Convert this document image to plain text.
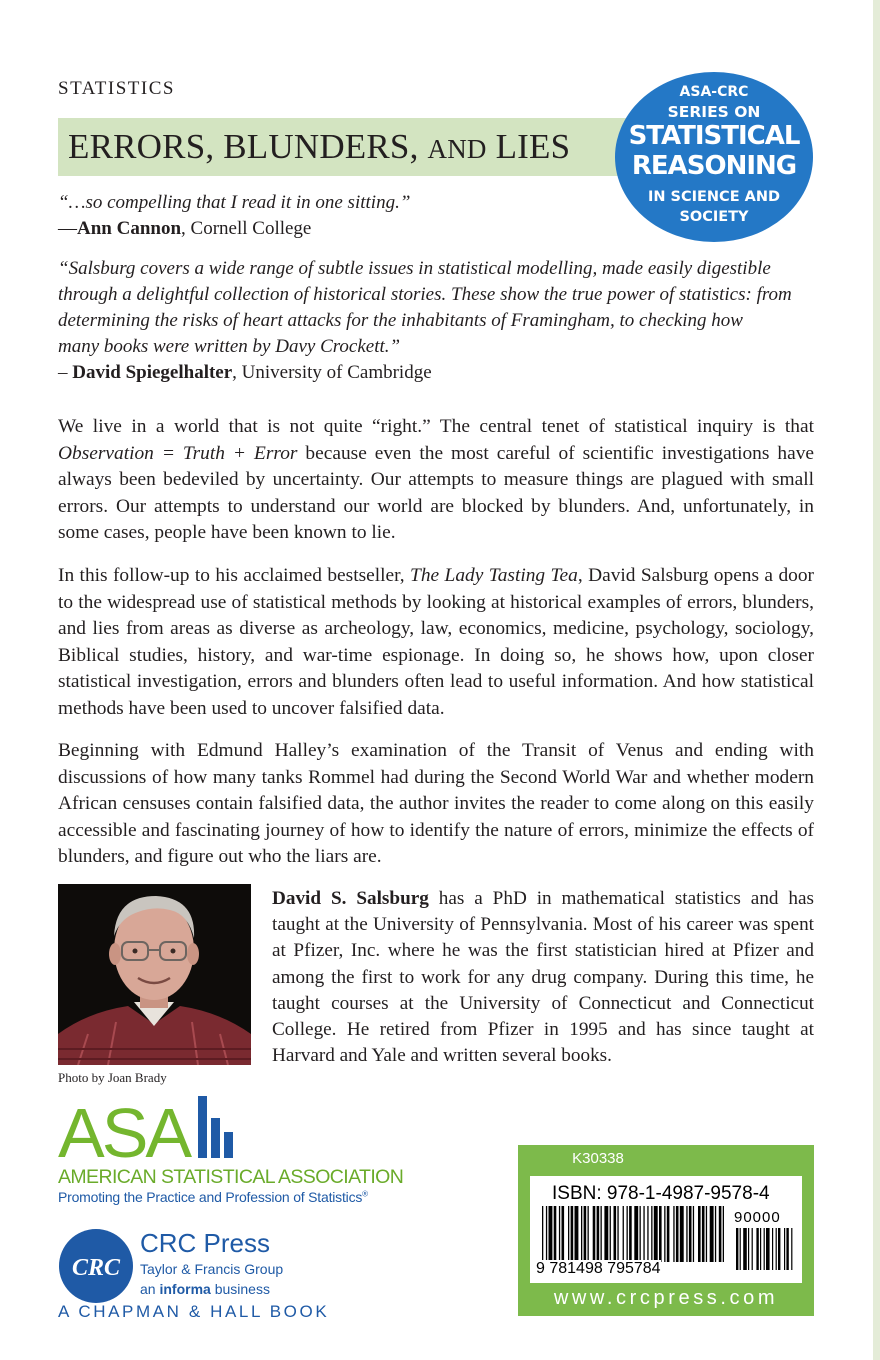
STATISTICS
ERRORS, BLUNDERS, AND LIES
ASA-CRC
SERIES ON
STATISTICAL
REASONING
IN SCIENCE AND
SOCIETY
“…so compelling that I read it in one sitting.”
—Ann Cannon, Cornell College
“Salsburg covers a wide range of subtle issues in statistical modelling, made easily digestible
through a delightful collection of historical stories. These show the true power of statistics: from
determining the risks of heart attacks for the inhabitants of Framingham, to checking how
many books were written by Davy Crockett.”
– David Spiegelhalter, University of Cambridge
We live in a world that is not quite “right.” The central tenet of statistical inquiry is that Observation = Truth + Error because even the most careful of scientific investigations have always been bedeviled by uncertainty. Our attempts to measure things are plagued with small errors. Our attempts to understand our world are blocked by blunders. And, unfortunately, in some cases, people have been known to lie.
In this follow-up to his acclaimed bestseller, The Lady Tasting Tea, David Salsburg opens a door to the widespread use of statistical methods by looking at historical examples of errors, blunders, and lies from areas as diverse as archeology, law, economics, medicine, psychology, sociology, Biblical studies, history, and war-time espionage. In doing so, he shows how, upon closer statistical investigation, errors and blunders often lead to useful information. And how statistical methods have been used to uncover falsified data.
Beginning with Edmund Halley’s examination of the Transit of Venus and ending with discussions of how many tanks Rommel had during the Second World War and whether modern African censuses contain falsified data, the author invites the reader to come along on this easily accessible and fascinating journey of how to identify the nature of errors, minimize the effects of blunders, and figure out who the liars are.
Photo by Joan Brady
David S. Salsburg has a PhD in mathematical statistics and has taught at the University of Pennsylvania. Most of his career was spent at Pfizer, Inc. where he was the first statistician hired at Pfizer and among the first to work for any drug company. During this time, he taught courses at the University of Connecticut and Connecticut College. He retired from Pfizer in 1995 and has since taught at Harvard and Yale and written several books.
ASA
AMERICAN STATISTICAL ASSOCIATION
Promoting the Practice and Profession of Statistics®
CRC
CRC Press
Taylor & Francis Group
an informa business
A CHAPMAN & HALL BOOK
K30338
ISBN: 978-1-4987-9578-4
90000
9 781498 795784
www.crcpress.com
